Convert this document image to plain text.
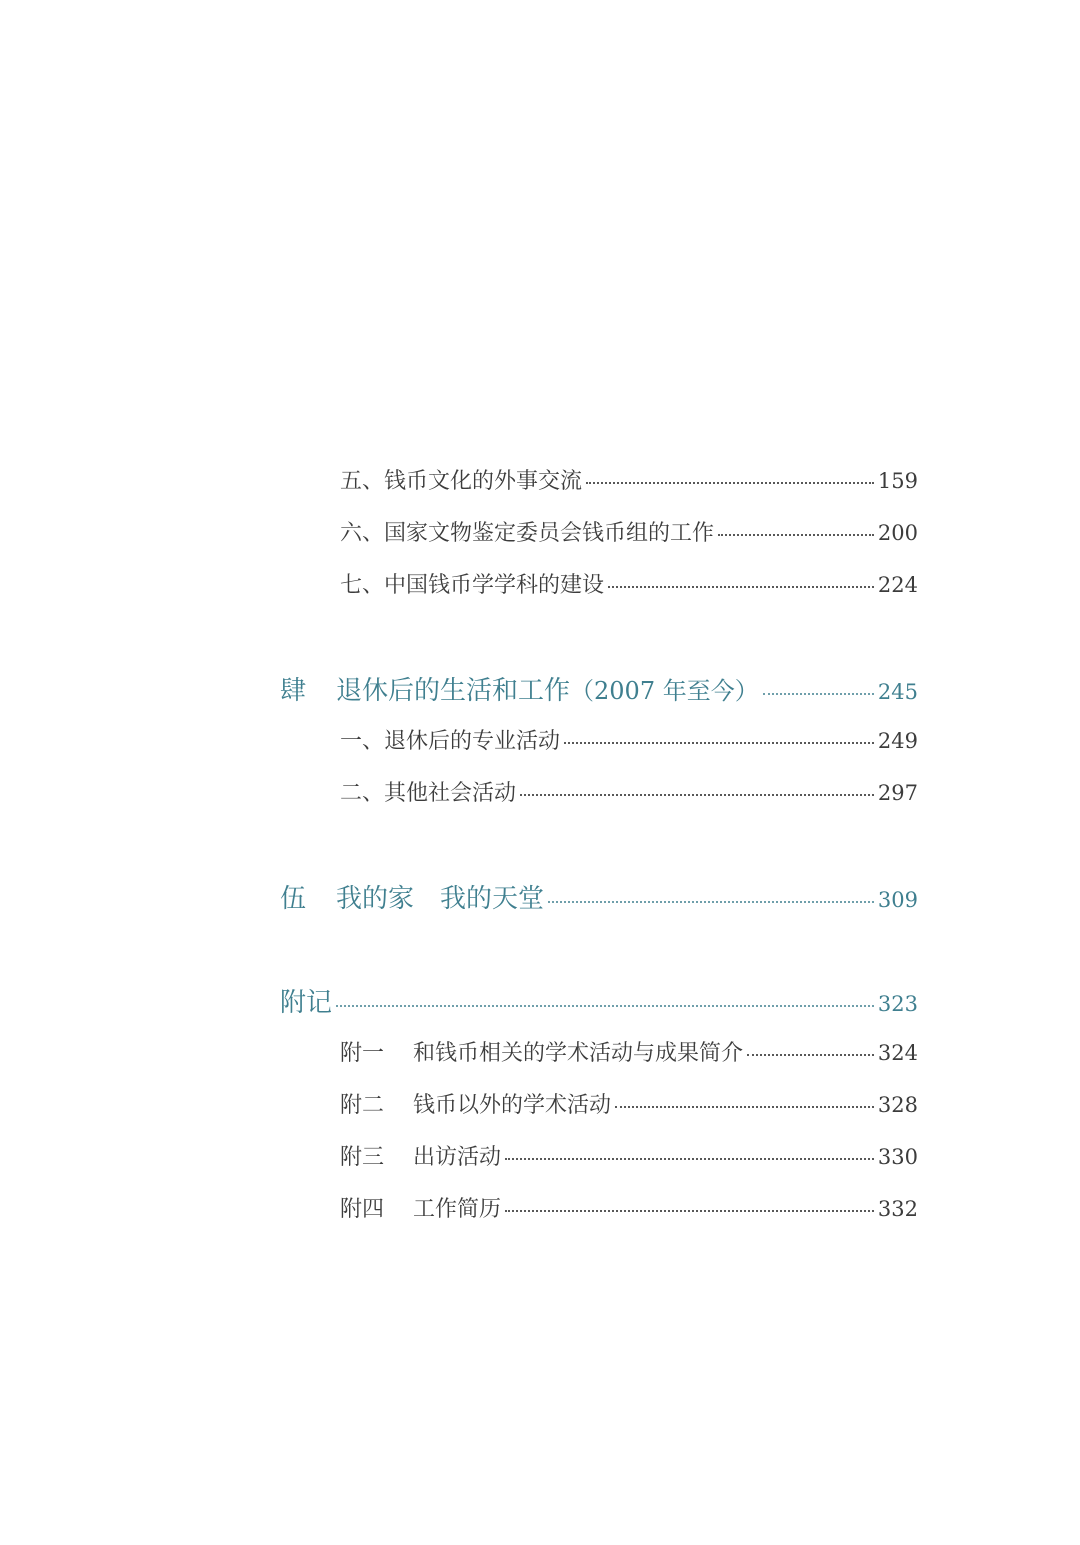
五、钱币文化的外事交流	159
六、国家文物鉴定委员会钱币组的工作	200
七、中国钱币学学科的建设	224
肆	退休后的生活和工作 （2007 年至今）	245
一、退休后的专业活动	249
二、其他社会活动	297
伍	我的家　我的天堂	309
附记	323
附一	和钱币相关的学术活动与成果简介	324
附二	钱币以外的学术活动	328
附三	出访活动	330
附四	工作简历	332
